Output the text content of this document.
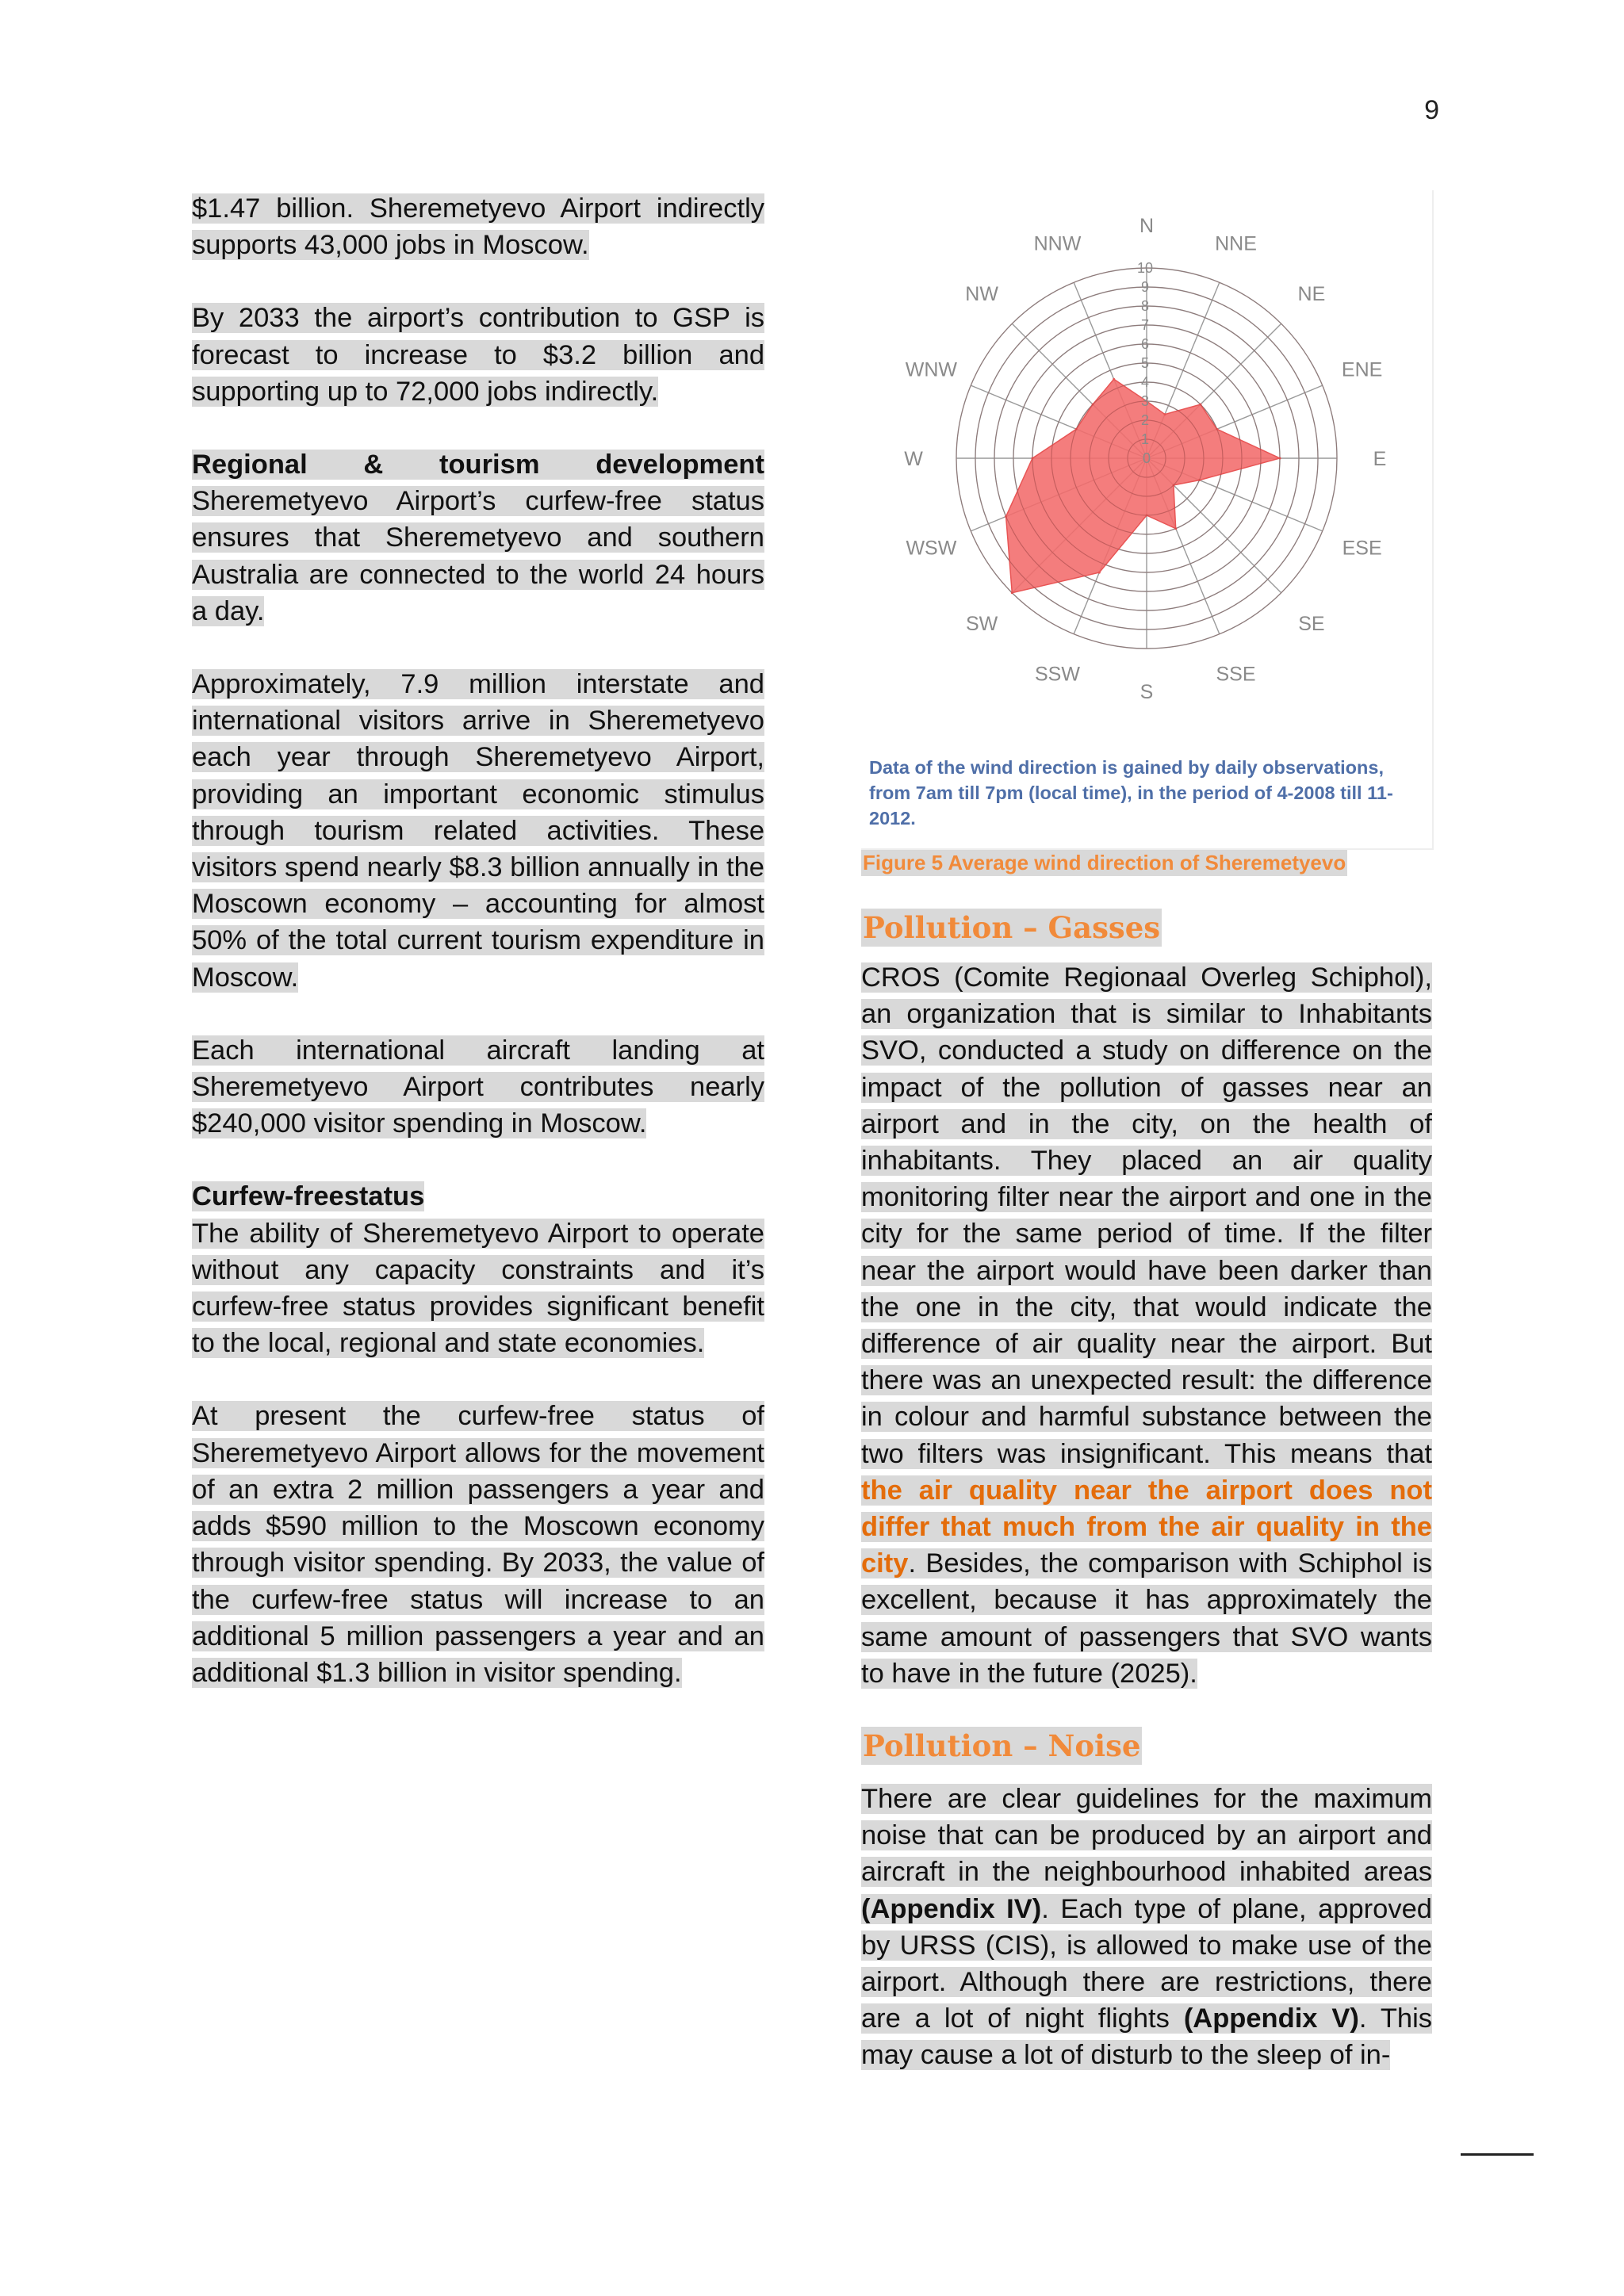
9

$1.47 billion. Sheremetyevo Airport indirectly supports 43,000 jobs in Moscow.

By 2033 the airport’s contribution to GSP is forecast to increase to $3.2 billion and supporting up to 72,000 jobs indirectly.

Regional & tourism development

Sheremetyevo Airport’s curfew-free status ensures that Sheremetyevo and southern Australia are connected to the world 24 hours a day.

Approximately, 7.9 million interstate and international visitors arrive in Sheremetyevo each year through Sheremetyevo Airport, providing an important economic stimulus through tourism related activities. These visitors spend nearly $8.3 billion annually in the Moscown economy – accounting for almost 50% of the total current tourism expenditure in Moscow.

Each international aircraft landing at Sheremetyevo Airport contributes nearly $240,000 visitor spending in Moscow.

Curfew-freestatus

The ability of Sheremetyevo Airport to operate without any capacity constraints and it’s curfew-free status provides significant benefit to the local, regional and state economies.

At present the curfew-free status of Sheremetyevo Airport allows for the movement of an extra 2 million passengers a year and adds $590 million to the Moscown economy through visitor spending. By 2033, the value of the curfew-free status will increase to an additional 5 million passengers a year and an additional $1.3 billion in visitor spending.

1
2
3
4
5
6
7
8
9
10
0
N
NNE
NE
ENE
E
ESE
SE
SSE
S
SSW
SW
WSW
W
WNW
NW
NNW
Data of the wind direction is gained by daily observations, from 7am till 7pm (local time), in the period of 4-2008 till 11- 2012.
Figure 5 Average wind direction of Sheremetyevo
Pollution – Gasses

CROS (Comite Regionaal Overleg Schiphol), an organization that is similar to Inhabitants SVO, conducted a study on difference on the impact of the pollution of gasses near an airport and in the city, on the health of inhabitants. They placed an air quality monitoring filter near the airport and one in the city for the same period of time. If the filter near the airport would have been darker than the one in the city, that would indicate the difference of air quality near the airport. But there was an unexpected result: the difference in colour and harmful substance between the two filters was insignificant. This means that the air quality near the airport does not differ that much from the air quality in the city. Besides, the comparison with Schiphol is excellent, because it has approximately the same amount of passengers that SVO wants to have in the future (2025).

Pollution – Noise

There are clear guidelines for the maximum noise that can be produced by an airport and aircraft in the neighbourhood inhabited areas (Appendix IV). Each type of plane, approved by URSS (CIS), is allowed to make use of the airport. Although there are restrictions, there are a lot of night flights (Appendix V). This may cause a lot of disturb to the sleep of in-
